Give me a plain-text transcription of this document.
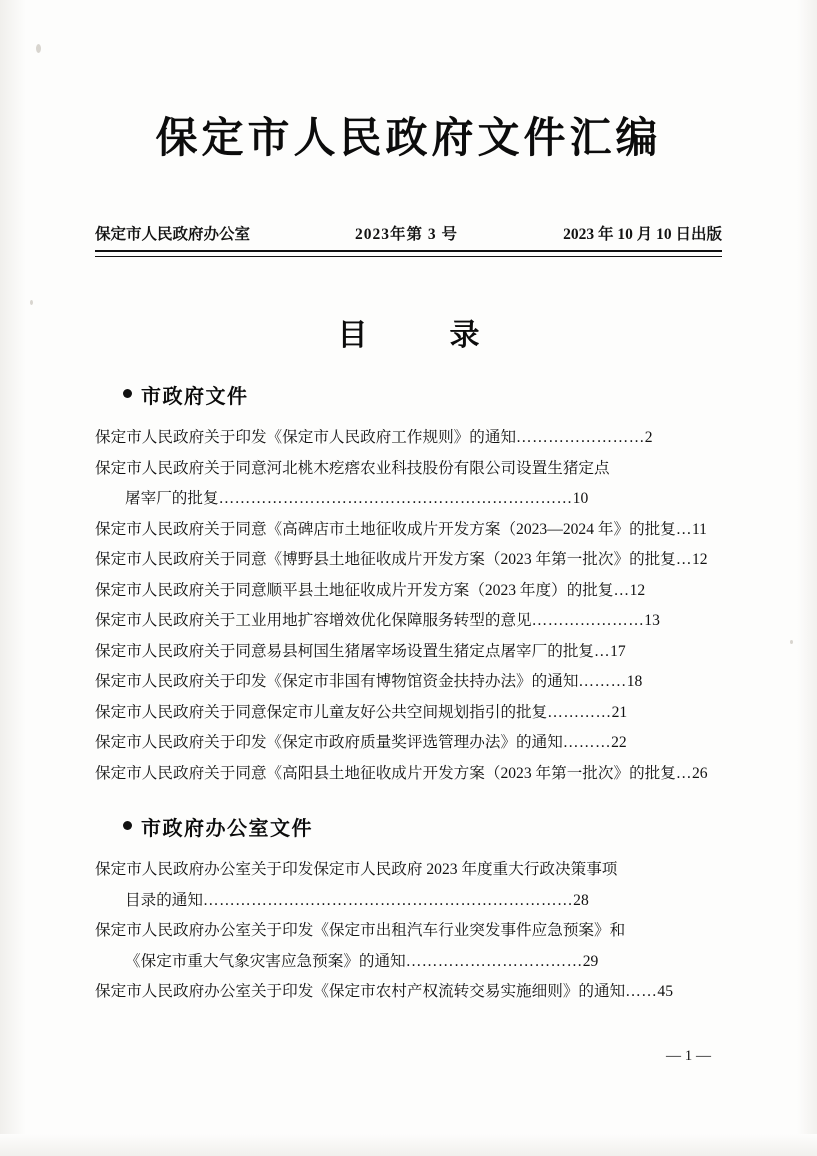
保定市人民政府文件汇编
保定市人民政府办公室	2023年第 3 号	2023 年 10 月 10 日出版
目　录
市政府文件
保定市人民政府关于印发《保定市人民政府工作规则》的通知……………………2
保定市人民政府关于同意河北桃木疙瘩农业科技股份有限公司设置生猪定点
屠宰厂的批复…………………………………………………………10
保定市人民政府关于同意《高碑店市土地征收成片开发方案（2023—2024 年》的批复…11
保定市人民政府关于同意《博野县土地征收成片开发方案（2023 年第一批次》的批复…12
保定市人民政府关于同意顺平县土地征收成片开发方案（2023 年度）的批复…12
保定市人民政府关于工业用地扩容增效优化保障服务转型的意见…………………13
保定市人民政府关于同意易县柯国生猪屠宰场设置生猪定点屠宰厂的批复…17
保定市人民政府关于印发《保定市非国有博物馆资金扶持办法》的通知………18
保定市人民政府关于同意保定市儿童友好公共空间规划指引的批复…………21
保定市人民政府关于印发《保定市政府质量奖评选管理办法》的通知………22
保定市人民政府关于同意《高阳县土地征收成片开发方案（2023 年第一批次》的批复…26
市政府办公室文件
保定市人民政府办公室关于印发保定市人民政府 2023 年度重大行政决策事项
目录的通知……………………………………………………………28
保定市人民政府办公室关于印发《保定市出租汽车行业突发事件应急预案》和
《保定市重大气象灾害应急预案》的通知……………………………29
保定市人民政府办公室关于印发《保定市农村产权流转交易实施细则》的通知……45
— 1 —
